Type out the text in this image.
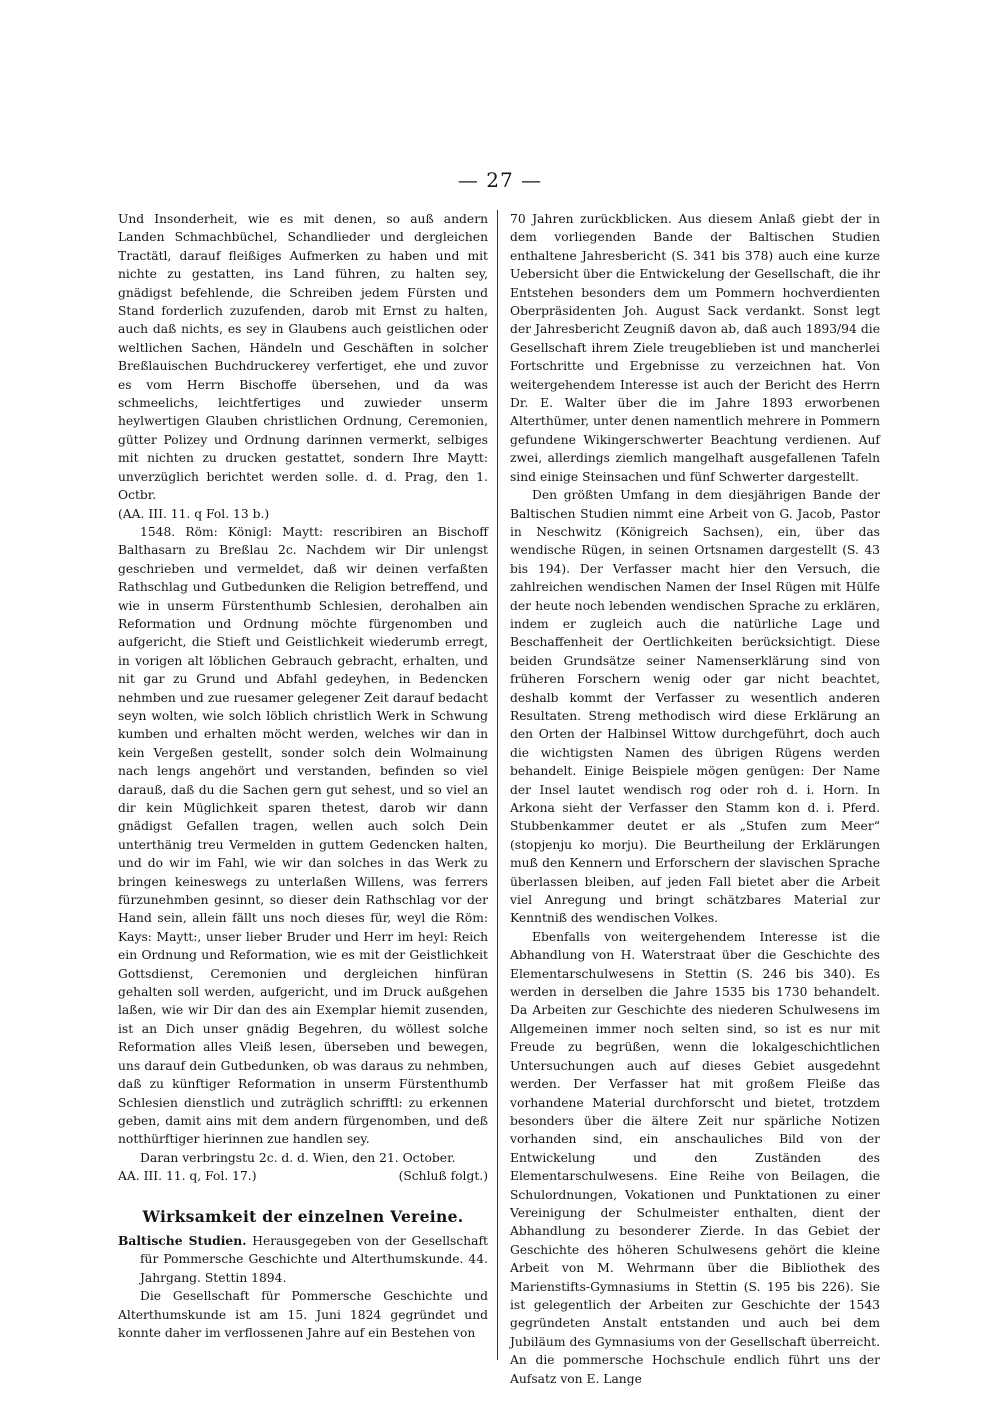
— 27 —

Und Insonderheit, wie es mit denen, so auß andern Landen Schmachbüchel, Schandlieder und dergleichen Tractätl, darauf fleißiges Aufmerken zu haben und mit nichte zu gestatten, ins Land führen, zu halten sey, gnädigst befehlende, die Schreiben jedem Fürsten und Stand forderlich zuzufenden, darob mit Ernst zu halten, auch daß nichts, es sey in Glaubens auch geistlichen oder weltlichen Sachen, Händeln und Geschäften in solcher Breßlauischen Buchdruckerey verfertiget, ehe und zuvor es vom Herrn Bischoffe übersehen, und da was schmeelichs, leichtfertiges und zuwieder unserm heylwertigen Glauben christlichen Ordnung, Ceremonien, gütter Polizey und Ordnung darinnen vermerkt, selbiges mit nichten zu drucken gestattet, sondern Ihre Maytt: unverzüglich berichtet werden solle. d. d. Prag, den 1. Octbr.

(AA. III. 11. q Fol. 13 b.)

1548. Röm: Königl: Maytt: rescribiren an Bischoff Balthasarn zu Breßlau 2c. Nachdem wir Dir unlengst geschrieben und vermeldet, daß wir deinen verfaßten Rathschlag und Gutbedunken die Religion betreffend, und wie in unserm Fürstenthumb Schlesien, derohalben ain Reformation und Ordnung möchte fürgenomben und aufgericht, die Stieft und Geistlichkeit wiederumb erregt, in vorigen alt löblichen Gebrauch gebracht, erhalten, und nit gar zu Grund und Abfahl gedeyhen, in Bedencken nehmben und zue ruesamer gelegener Zeit darauf bedacht seyn wolten, wie solch löblich christlich Werk in Schwung kumben und erhalten möcht werden, welches wir dan in kein Vergeßen gestellt, sonder solch dein Wolmainung nach lengs angehört und verstanden, befinden so viel darauß, daß du die Sachen gern gut sehest, und so viel an dir kein Müglichkeit sparen thetest, darob wir dann gnädigst Gefallen tragen, wellen auch solch Dein unterthänig treu Vermelden in guttem Gedencken halten, und do wir im Fahl, wie wir dan solches in das Werk zu bringen keineswegs zu unterlaßen Willens, was ferrers fürzunehmben gesinnt, so dieser dein Rathschlag vor der Hand sein, allein fällt uns noch dieses für, weyl die Röm: Kays: Maytt:, unser lieber Bruder und Herr im heyl: Reich ein Ordnung und Reformation, wie es mit der Geistlichkeit Gottsdienst, Ceremonien und dergleichen hinfüran gehalten soll werden, aufgericht, und im Druck außgehen laßen, wie wir Dir dan des ain Exemplar hiemit zusenden, ist an Dich unser gnädig Begehren, du wöllest solche Reformation alles Vleiß lesen, überseben und bewegen, uns darauf dein Gutbedunken, ob was daraus zu nehmben, daß zu künftiger Reformation in unserm Fürstenthumb Schlesien dienstlich und zuträglich schrifftl: zu erkennen geben, damit ains mit dem andern fürgenomben, und deß notthürftiger hierinnen zue handlen sey.

Daran verbringstu 2c. d. d. Wien, den 21. October.

AA. III. 11. q, Fol. 17.)	(Schluß folgt.)
Wirksamkeit der einzelnen Vereine.

Baltische Studien. Herausgegeben von der Gesellschaft für Pommersche Geschichte und Alterthumskunde. 44. Jahrgang. Stettin 1894.

Die Gesellschaft für Pommersche Geschichte und Alterthumskunde ist am 15. Juni 1824 gegründet und konnte daher im verflossenen Jahre auf ein Bestehen von

70 Jahren zurückblicken. Aus diesem Anlaß giebt der in dem vorliegenden Bande der Baltischen Studien enthaltene Jahresbericht (S. 341 bis 378) auch eine kurze Uebersicht über die Entwickelung der Gesellschaft, die ihr Entstehen besonders dem um Pommern hochverdienten Oberpräsidenten Joh. August Sack verdankt. Sonst legt der Jahresbericht Zeugniß davon ab, daß auch 1893/94 die Gesellschaft ihrem Ziele treugeblieben ist und mancherlei Fortschritte und Ergebnisse zu verzeichnen hat. Von weitergehendem Interesse ist auch der Bericht des Herrn Dr. E. Walter über die im Jahre 1893 erworbenen Alterthümer, unter denen namentlich mehrere in Pommern gefundene Wikingerschwerter Beachtung verdienen. Auf zwei, allerdings ziemlich mangelhaft ausgefallenen Tafeln sind einige Steinsachen und fünf Schwerter dargestellt.

Den größten Umfang in dem diesjährigen Bande der Baltischen Studien nimmt eine Arbeit von G. Jacob, Pastor in Neschwitz (Königreich Sachsen), ein, über das wendische Rügen, in seinen Ortsnamen dargestellt (S. 43 bis 194). Der Verfasser macht hier den Versuch, die zahlreichen wendischen Namen der Insel Rügen mit Hülfe der heute noch lebenden wendischen Sprache zu erklären, indem er zugleich auch die natürliche Lage und Beschaffenheit der Oertlichkeiten berücksichtigt. Diese beiden Grundsätze seiner Namenserklärung sind von früheren Forschern wenig oder gar nicht beachtet, deshalb kommt der Verfasser zu wesentlich anderen Resultaten. Streng methodisch wird diese Erklärung an den Orten der Halbinsel Wittow durchgeführt, doch auch die wichtigsten Namen des übrigen Rügens werden behandelt. Einige Beispiele mögen genügen: Der Name der Insel lautet wendisch rog oder roh d. i. Horn. In Arkona sieht der Verfasser den Stamm kon d. i. Pferd. Stubbenkammer deutet er als „Stufen zum Meer“ (stopjenju ko morju). Die Beurtheilung der Erklärungen muß den Kennern und Erforschern der slavischen Sprache überlassen bleiben, auf jeden Fall bietet aber die Arbeit viel Anregung und bringt schätzbares Material zur Kenntniß des wendischen Volkes.

Ebenfalls von weitergehendem Interesse ist die Abhandlung von H. Waterstraat über die Geschichte des Elementarschulwesens in Stettin (S. 246 bis 340). Es werden in derselben die Jahre 1535 bis 1730 behandelt. Da Arbeiten zur Geschichte des niederen Schulwesens im Allgemeinen immer noch selten sind, so ist es nur mit Freude zu begrüßen, wenn die lokalgeschichtlichen Untersuchungen auch auf dieses Gebiet ausgedehnt werden. Der Verfasser hat mit großem Fleiße das vorhandene Material durchforscht und bietet, trotzdem besonders über die ältere Zeit nur spärliche Notizen vorhanden sind, ein anschauliches Bild von der Entwickelung und den Zuständen des Elementarschulwesens. Eine Reihe von Beilagen, die Schulordnungen, Vokationen und Punktationen zu einer Vereinigung der Schulmeister enthalten, dient der Abhandlung zu besonderer Zierde. In das Gebiet der Geschichte des höheren Schulwesens gehört die kleine Arbeit von M. Wehrmann über die Bibliothek des Marienstifts-Gymnasiums in Stettin (S. 195 bis 226). Sie ist gelegentlich der Arbeiten zur Geschichte der 1543 gegründeten Anstalt entstanden und auch bei dem Jubiläum des Gymnasiums von der Gesellschaft überreicht. An die pommersche Hochschule endlich führt uns der Aufsatz von E. Lange
